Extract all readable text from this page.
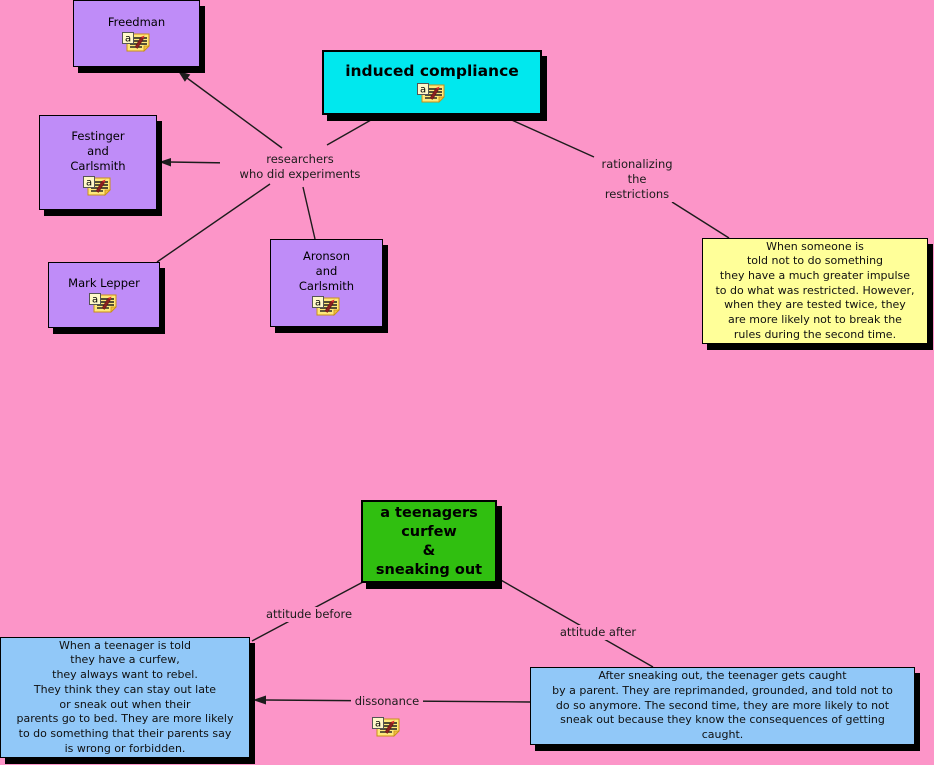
Freedman
a
Festinger
and
Carlsmith
a
Mark Lepper
a
Aronson
and
Carlsmith
a
induced compliance
a
a teenagers
curfew
&
sneaking out
When someone is
told not to do something
they have a much greater impulse
to do what was restricted. However,
when they are tested twice, they
are more likely not to break the
rules during the second time.
When a teenager is told
they have a curfew,
they always want to rebel.
They think they can stay out late
or sneak out when their
parents go to bed. They are more likely
to do something that their parents say
is wrong or forbidden.
After sneaking out, the teenager gets caught
by a parent. They are reprimanded, grounded, and told not to
do so anymore. The second time, they are more likely to not
sneak out because they know the consequences of getting
caught.
researchers
who did experiments
rationalizing
the
restrictions
attitude before
attitude after
dissonance
a
